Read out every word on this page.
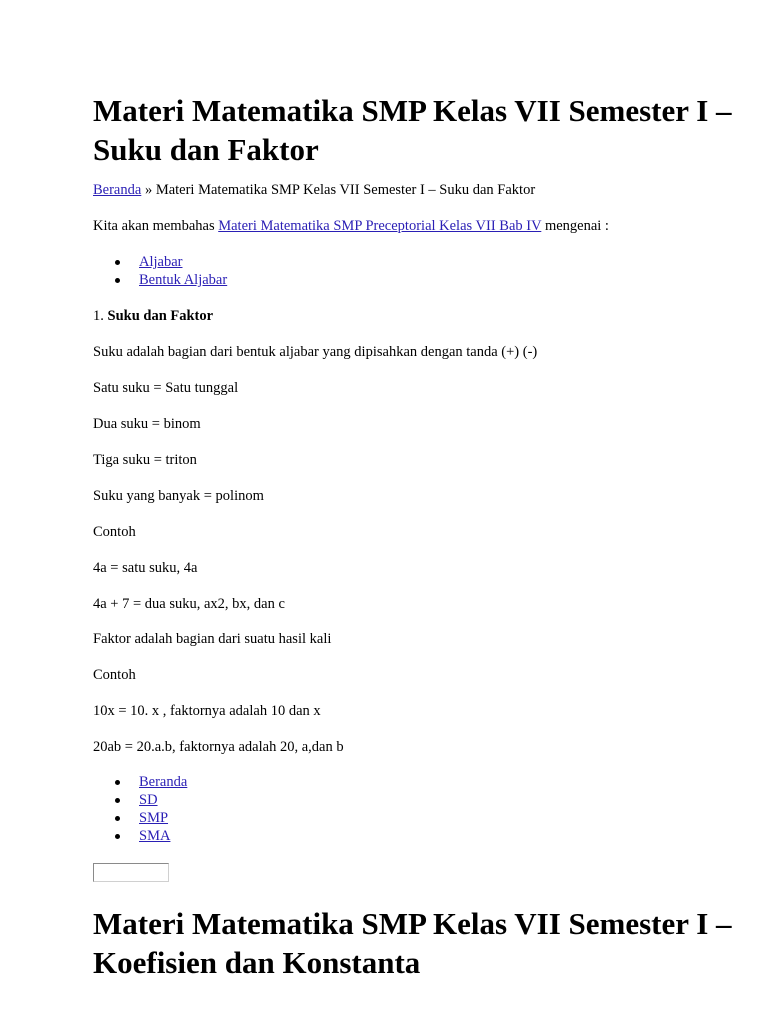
Materi Matematika SMP Kelas VII Semester I – Suku dan Faktor

Beranda » Materi Matematika SMP Kelas VII Semester I – Suku dan Faktor

Kita akan membahas Materi Matematika SMP Preceptorial Kelas VII Bab IV mengenai :

Aljabar
Bentuk Aljabar

1. Suku dan Faktor

Suku adalah bagian dari bentuk aljabar yang dipisahkan dengan tanda (+) (-)

Satu suku = Satu tunggal

Dua suku = binom

Tiga suku = triton

Suku yang banyak = polinom

Contoh

4a = satu suku, 4a

4a + 7 = dua suku, ax2, bx, dan c

Faktor adalah bagian dari suatu hasil kali

Contoh

10x = 10. x , faktornya adalah 10 dan x

20ab = 20.a.b, faktornya adalah 20, a,dan b

Beranda
SD
SMP
SMA
Materi Matematika SMP Kelas VII Semester I – Koefisien dan Konstanta
